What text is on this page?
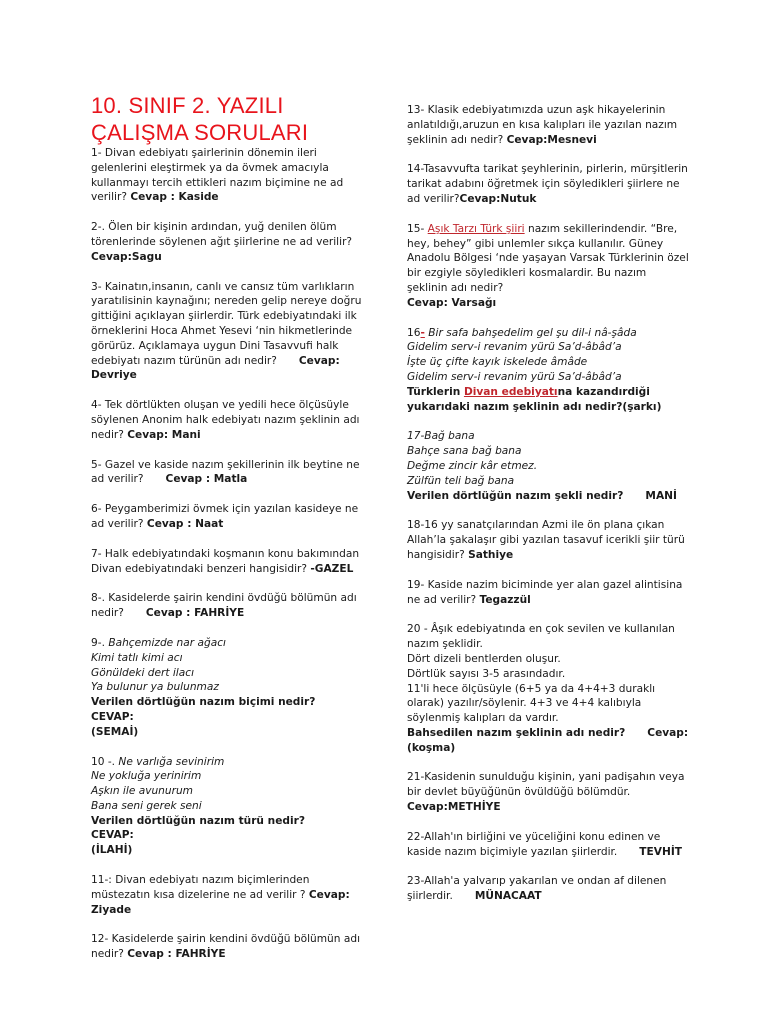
10. SINIF 2. YAZILI
ÇALIŞMA SORULARI
1- Divan edebiyatı şairlerinin dönemin ileri gelenlerini eleştirmek ya da övmek amacıyla kullanmayı tercih ettikleri nazım biçimine ne ad verilir? Cevap : Kaside
2-. Ölen bir kişinin ardından, yuğ denilen ölüm törenlerinde söylenen ağıt şiirlerine ne ad verilir? Cevap:Sagu
3- Kainatın,insanın, canlı ve cansız tüm varlıkların yaratılisinin kaynağını; nereden gelip nereye doğru gittiğini açıklayan şiirlerdir. Türk edebiyatındaki ilk örneklerini Hoca Ahmet Yesevi ‘nin hikmetlerinde görürüz. Açıklamaya uygun Dini Tasavvufi halk edebiyatı nazım türünün adı nedir? Cevap:
Devriye
4- Tek dörtlükten oluşan ve yedili hece ölçüsüyle söylenen Anonim halk edebiyatı nazım şeklinin adı nedir? Cevap: Mani
5- Gazel ve kaside nazım şekillerinin ilk beytine ne ad verilir? Cevap : Matla
6- Peygamberimizi övmek için yazılan kasideye ne ad verilir? Cevap : Naat
7- Halk edebiyatındaki koşmanın konu bakımından Divan edebiyatındaki benzeri hangisidir? -GAZEL
8-. Kasidelerde şairin kendini övdüğü bölümün adı nedir? Cevap : FAHRİYE

9-. Bahçemizde nar ağacı

Kimi tatlı kimi acı

Gönüldeki dert ilacı

Ya bulunur ya bulunmaz

Verilen dörtlüğün nazım biçimi nedir?CEVAP:
(SEMAİ)

10 -. Ne varlığa sevinirim

Ne yokluğa yerinirim

Aşkın ile avunurum

Bana seni gerek seni

Verilen dörtlüğün nazım türü nedir?CEVAP:
(İLAHİ)

11-: Divan edebiyatı nazım biçimlerinden müstezatın kısa dizelerine ne ad verilir ? Cevap: Ziyade
12- Kasidelerde şairin kendini övdüğü bölümün adı nedir? Cevap : FAHRİYE
13- Klasik edebiyatımızda uzun aşk hikayelerinin anlatıldığı,aruzun en kısa kalıpları ile yazılan nazım şeklinin adı nedir? Cevap:Mesnevi
14-Tasavvufta tarikat şeyhlerinin, pirlerin, mürşitlerin tarikat adabını öğretmek için söyledikleri şiirlere ne ad verilir?Cevap:Nutuk
15- Aşık Tarzı Türk şiiri nazım sekillerindendir. “Bre, hey, behey” gibi unlemler sıkça kullanılır. Güney Anadolu Bölgesi ‘nde yaşayan Varsak Türklerinin özel bir ezgiyle söyledikleri kosmalardir. Bu nazım şeklinin adı nedir?
Cevap: Varsağı

16- Bir safa bahşedelim gel şu dil-i nâ-şâda

Gidelim serv-i revanim yürü Sa’d-âbâd’a

İşte üç çifte kayık iskelede âmâde

Gidelim serv-i revanim yürü Sa’d-âbâd’a

Türklerin Divan edebiyatına kazandırdiği yukarıdaki nazım şeklinin adı nedir?(şarkı)

17-Bağ bana

Bahçe sana bağ bana

Değme zincir kâr etmez.

Zülfün teli bağ bana

Verilen dörtlüğün nazım şekli nedir? MANİ

18-16 yy sanatçılarından Azmi ile ön plana çıkan Allah’la şakalaşır gibi yazılan tasavuf icerikli şiir türü hangisidir? Sathiye
19- Kaside nazim biciminde yer alan gazel alintisina ne ad verilir? Tegazzül

20 - Âşık edebiyatında en çok sevilen ve kullanılan nazım şeklidir.

Dört dizeli bentlerden oluşur.

Dörtlük sayısı 3-5 arasındadır.

11'li hece ölçüsüyle (6+5 ya da 4+4+3 duraklı olarak) yazılır/söylenir. 4+3 ve 4+4 kalıbıyla söylenmiş kalıpları da vardır.

Bahsedilen nazım şeklinin adı nedir? Cevap:
(koşma)

21-Kasidenin sunulduğu kişinin, yani padişahın veya bir devlet büyüğünün övüldüğü bölümdür. Cevap:METHİYE
22-Allah'ın birliğini ve yüceliğini konu edinen ve kaside nazım biçimiyle yazılan şiirlerdir. TEVHİT
23-Allah'a yalvarıp yakarılan ve ondan af dilenen şiirlerdir. MÜNACAAT
